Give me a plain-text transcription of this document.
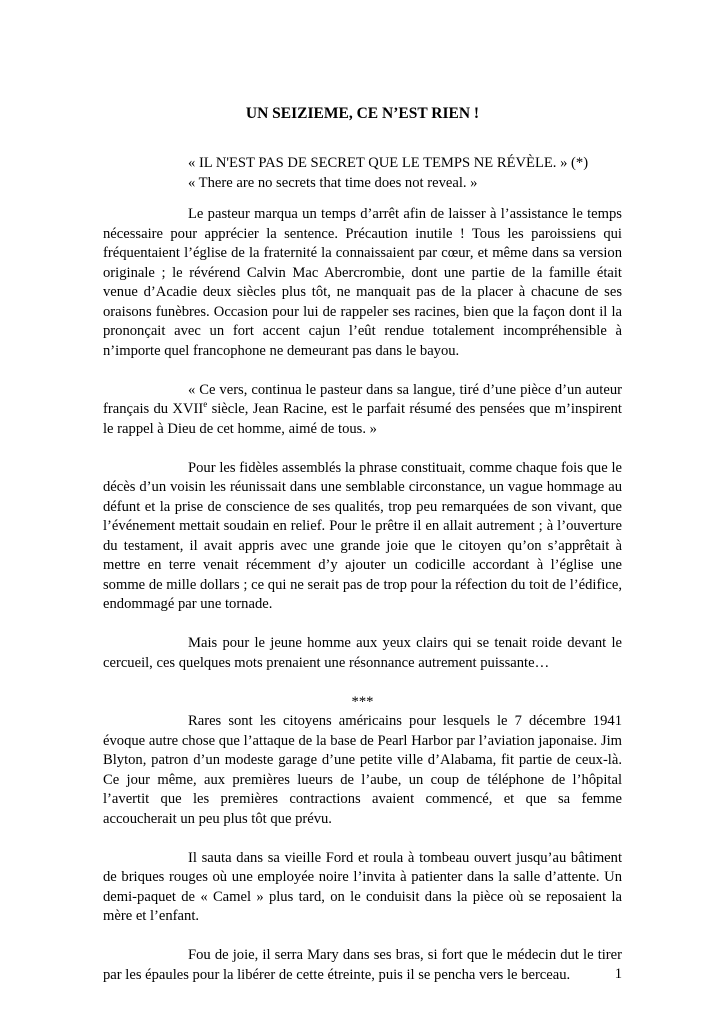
UN SEIZIEME, CE N’EST RIEN !
« IL N'EST PAS DE SECRET QUE LE TEMPS NE RÉVÈLE. » (*)
« There are no secrets that time does not reveal. »

Le pasteur marqua un temps d’arrêt afin de laisser à l’assistance le temps nécessaire pour apprécier la sentence. Précaution inutile ! Tous les paroissiens qui fréquentaient l’église de la fraternité la connaissaient par cœur, et même dans sa version originale ; le révérend Calvin Mac Abercrombie, dont une partie de la famille était venue d’Acadie deux siècles plus tôt, ne manquait pas de la placer à chacune de ses oraisons funèbres. Occasion pour lui de rappeler ses racines, bien que la façon dont il la prononçait avec un fort accent cajun l’eût rendue totalement incompréhensible à n’importe quel francophone ne demeurant pas dans le bayou.

« Ce vers, continua le pasteur dans sa langue, tiré d’une pièce d’un auteur français du XVIIe siècle, Jean Racine, est le parfait résumé des pensées que m’inspirent le rappel à Dieu de cet homme, aimé de tous. »

Pour les fidèles assemblés la phrase constituait, comme chaque fois que le décès d’un voisin les réunissait dans une semblable circonstance, un vague hommage au défunt et la prise de conscience de ses qualités, trop peu remarquées de son vivant, que l’événement mettait soudain en relief. Pour le prêtre il en allait autrement ; à l’ouverture du testament, il avait appris avec une grande joie que le citoyen qu’on s’apprêtait à mettre en terre venait récemment d’y ajouter un codicille accordant à l’église une somme de mille dollars ; ce qui ne serait pas de trop pour la réfection du toit de l’édifice, endommagé par une tornade.

Mais pour le jeune homme aux yeux clairs qui se tenait roide devant le cercueil, ces quelques mots prenaient une résonnance autrement puissante…

***

Rares sont les citoyens américains pour lesquels le 7 décembre 1941 évoque autre chose que l’attaque de la base de Pearl Harbor par l’aviation japonaise. Jim Blyton, patron d’un modeste garage d’une petite ville d’Alabama, fit partie de ceux-là. Ce jour même, aux premières lueurs de l’aube, un coup de téléphone de l’hôpital l’avertit que les premières contractions avaient commencé, et que sa femme accoucherait un peu plus tôt que prévu.

Il sauta dans sa vieille Ford et roula à tombeau ouvert jusqu’au bâtiment de briques rouges où une employée noire l’invita à patienter dans la salle d’attente. Un demi-paquet de « Camel » plus tard, on le conduisit dans la pièce où se reposaient la mère et l’enfant.

Fou de joie, il serra Mary dans ses bras, si fort que le médecin dut le tirer par les épaules pour la libérer de cette étreinte, puis il se pencha vers le berceau.	1
